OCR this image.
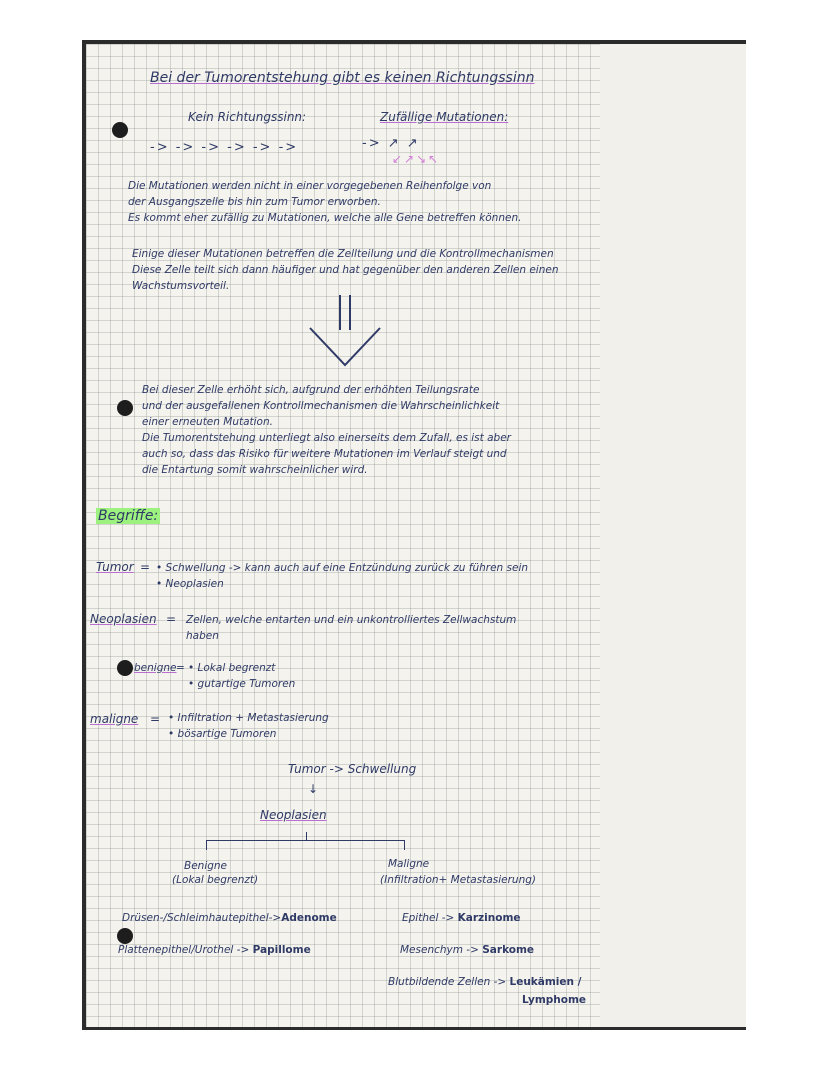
Bei der Tumorentstehung gibt es keinen Richtungssinn
Kein Richtungssinn:	Zufällige Mutationen:
-> -> -> -> -> ->	-> ↗ ↗
↙↗↘↖
Die Mutationen werden nicht in einer vorgegebenen Reihenfolge von
der Ausgangszelle bis hin zum Tumor erworben.
Es kommt eher zufällig zu Mutationen, welche alle Gene betreffen können.
Einige dieser Mutationen betreffen die Zellteilung und die Kontrollmechanismen
Diese Zelle teilt sich dann häufiger und hat gegenüber den anderen Zellen einen
Wachstumsvorteil.
Bei dieser Zelle erhöht sich, aufgrund der erhöhten Teilungsrate
und der ausgefallenen Kontrollmechanismen die Wahrscheinlichkeit
einer erneuten Mutation.
Die Tumorentstehung unterliegt also einerseits dem Zufall, es ist aber
auch so, dass das Risiko für weitere Mutationen im Verlauf steigt und
die Entartung somit wahrscheinlicher wird.
Begriffe:
Tumor = • Schwellung -> kann auch auf eine Entzündung zurück zu führen sein
• Neoplasien
Neoplasien = Zellen, welche entarten und ein unkontrolliertes Zellwachstum
haben
benigne = • Lokal begrenzt
• gutartige Tumoren
maligne = • Infiltration + Metastasierung
• bösartige Tumoren
Tumor -> Schwellung
↓
Neoplasien
Benigne
(Lokal begrenzt)
Maligne
(Infiltration+ Metastasierung)
Drüsen-/Schleimhautepithel->Adenome
Plattenepithel/Urothel -> Papillome
Epithel -> Karzinome
Mesenchym -> Sarkome
Blutbildende Zellen -> Leukämien /
Lymphome
